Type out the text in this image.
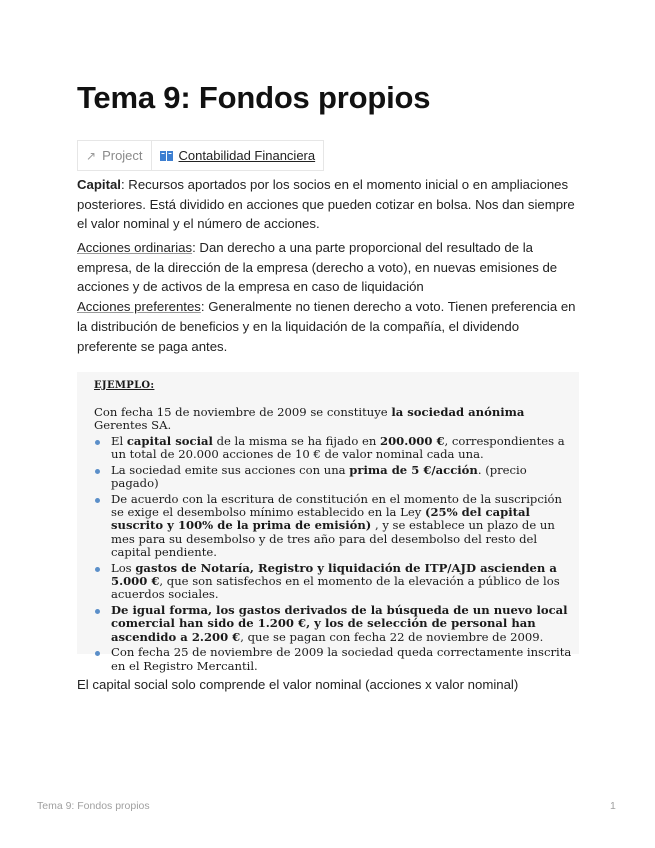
Tema 9: Fondos propios
↗ Project	Contabilidad Financiera
Capital: Recursos aportados por los socios en el momento inicial o en ampliaciones posteriores. Está dividido en acciones que pueden cotizar en bolsa. Nos dan siempre el valor nominal y el número de acciones.
Acciones ordinarias: Dan derecho a una parte proporcional del resultado de la empresa, de la dirección de la empresa (derecho a voto), en nuevas emisiones de acciones y de activos de la empresa en caso de liquidación
Acciones preferentes: Generalmente no tienen derecho a voto. Tienen preferencia en la distribución de beneficios y en la liquidación de la compañía, el dividendo preferente se paga antes.
EJEMPLO:
Con fecha 15 de noviembre de 2009 se constituye la sociedad anónima Gerentes SA.
El capital social de la misma se ha fijado en 200.000 €, correspondientes a un total de 20.000 acciones de 10 € de valor nominal cada una.
La sociedad emite sus acciones con una prima de 5 €/acción. (precio pagado)
De acuerdo con la escritura de constitución en el momento de la suscripción se exige el desembolso mínimo establecido en la Ley (25% del capital suscrito y 100% de la prima de emisión) , y se establece un plazo de un mes para su desembolso y de tres año para del desembolso del resto del capital pendiente.
Los gastos de Notaría, Registro y liquidación de ITP/AJD ascienden a 5.000 €, que son satisfechos en el momento de la elevación a público de los acuerdos sociales.
De igual forma, los gastos derivados de la búsqueda de un nuevo local comercial han sido de 1.200 €, y los de selección de personal han ascendido a 2.200 €, que se pagan con fecha 22 de noviembre de 2009.
Con fecha 25 de noviembre de 2009 la sociedad queda correctamente inscrita en el Registro Mercantil.
El capital social solo comprende el valor nominal (acciones x valor nominal)
Tema 9: Fondos propios	1
